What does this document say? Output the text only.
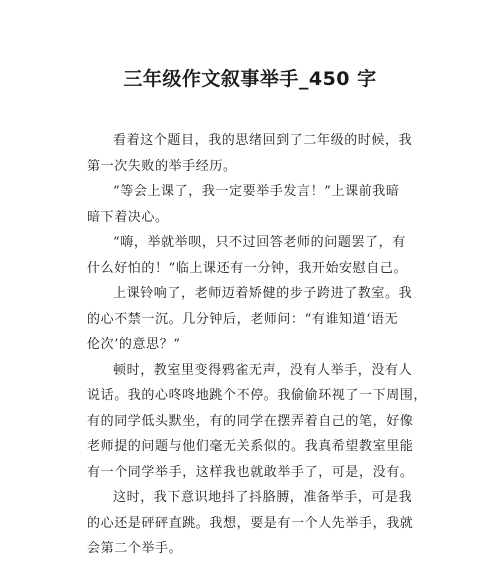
三年级作文叙事举手_450 字

看着这个题目，我的思绪回到了二年级的时候，我
第一次失败的举手经历。

“等会上课了，我一定要举手发言！”上课前我暗
暗下着决心。

“嗨，举就举呗，只不过回答老师的问题罢了，有
什么好怕的！”临上课还有一分钟，我开始安慰自己。

上课铃响了，老师迈着矫健的步子跨进了教室。我
的心不禁一沉。几分钟后，老师问：“有谁知道‘语无
伦次’的意思？”

顿时，教室里变得鸦雀无声，没有人举手，没有人
说话。我的心咚咚地跳个不停。我偷偷环视了一下周围，
有的同学低头默坐，有的同学在摆弄着自己的笔，好像
老师提的问题与他们毫无关系似的。我真希望教室里能
有一个同学举手，这样我也就敢举手了，可是，没有。

这时，我下意识地抖了抖胳膊，准备举手，可是我
的心还是砰砰直跳。我想，要是有一个人先举手，我就
会第二个举手。
